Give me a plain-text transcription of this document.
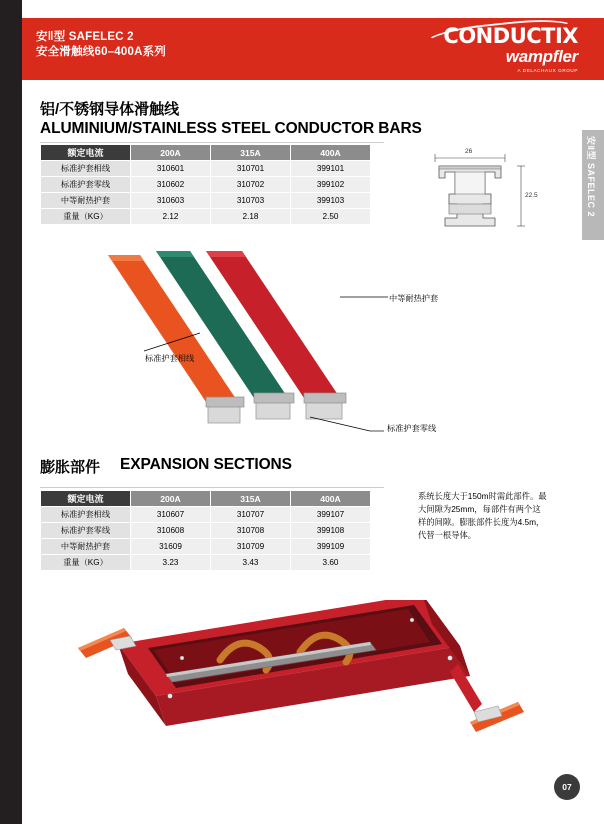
安‖型 SAFELEC 2
安全滑触线60–400A系列
CONDUCTIX
wampfler
A DELACHAUX GROUP
安‖型 SAFELEC 2
铝/不锈钢导体滑触线
ALUMINIUM/STAINLESS STEEL CONDUCTOR BARS
额定电流	200A	315A	400A
标准护套相线	310601	310701	399101
标准护套零线	310602	310702	399102
中等耐热护套	310603	310703	399103
重量（KG）	2.12	2.18	2.50
26
22.5
中等耐热护套
标准护套相线
标准护套零线
膨胀部件 EXPANSION SECTIONS
额定电流	200A	315A	400A
标准护套相线	310607	310707	399107
标准护套零线	310608	310708	399108
中等耐热护套	31609	310709	399109
重量（KG）	3.23	3.43	3.60
系统长度大于150m时需此部件。最大间隙为25mm，每部件有两个这样的间隙。膨胀部件长度为4.5m，代替一根导体。
07
